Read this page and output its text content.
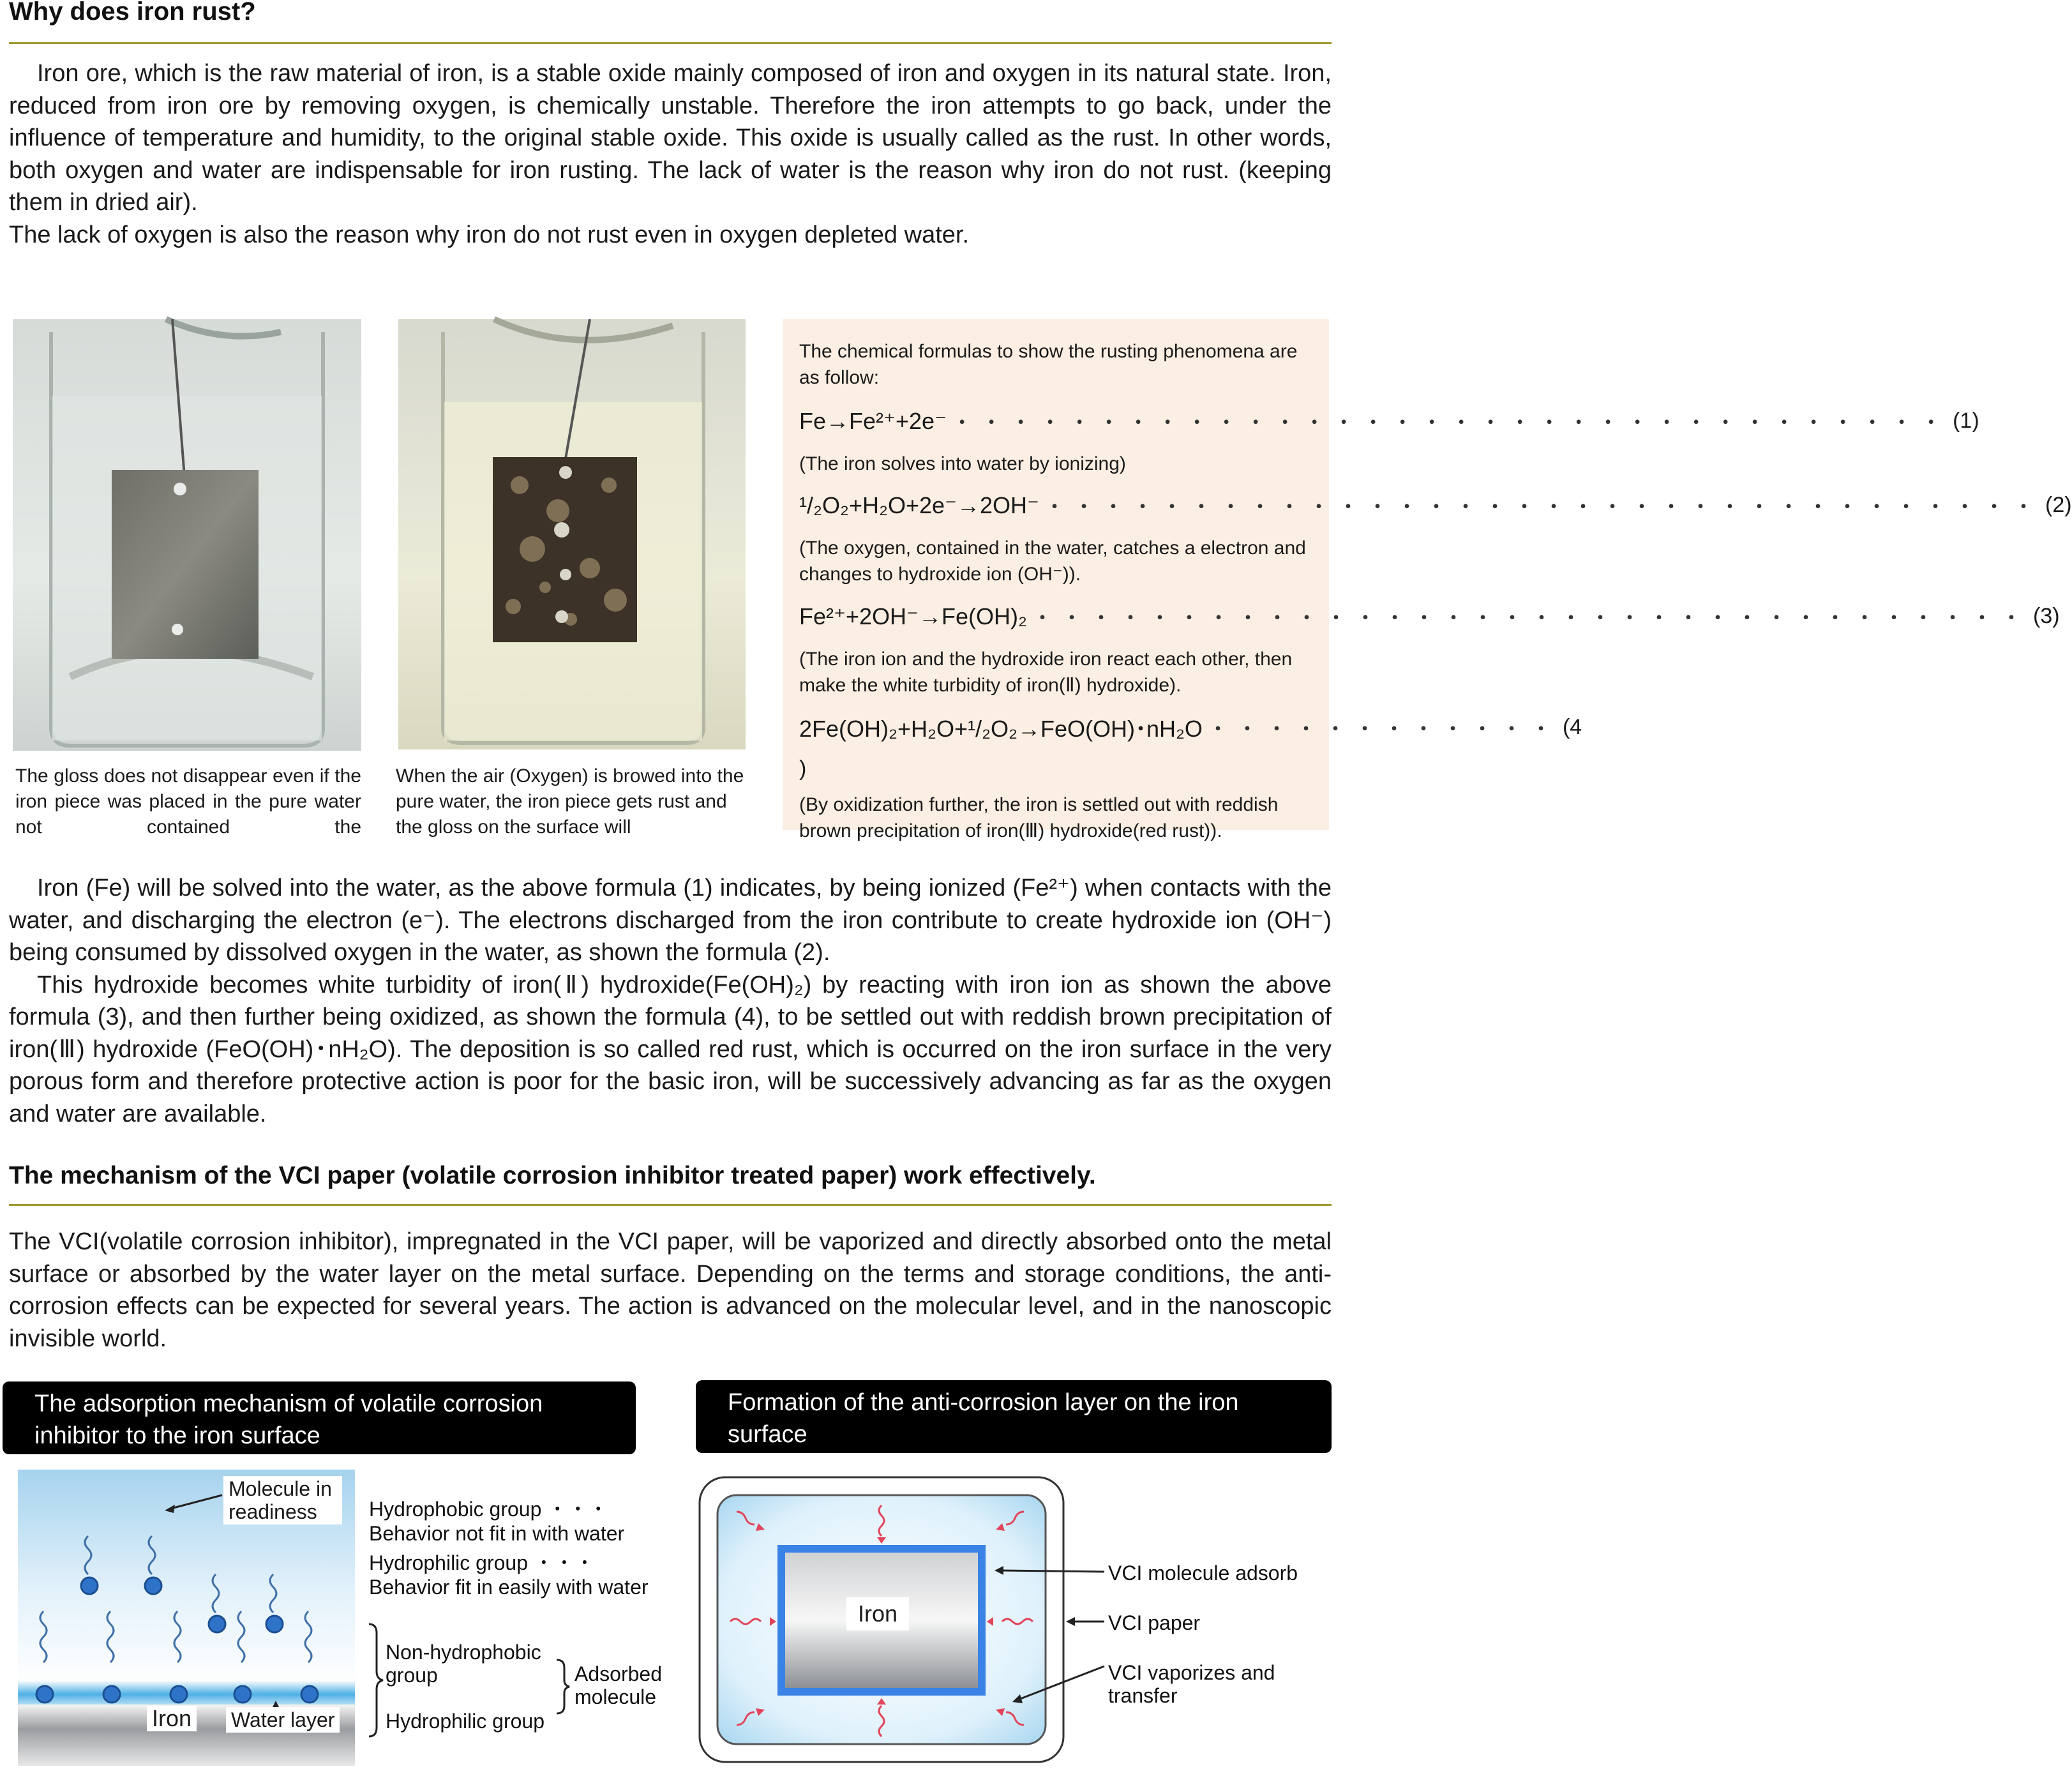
Why does iron rust?

Iron ore, which is the raw material of iron, is a stable oxide mainly composed of iron and oxygen in its natural state. Iron, reduced from iron ore by removing oxygen, is chemically unstable. Therefore the iron attempts to go back, under the influence of temperature and humidity, to the original stable oxide. This oxide is usually called as the rust. In other words, both oxygen and water are indispensable for iron rusting. The lack of water is the reason why iron do not rust. (keeping them in dried air).

The lack of oxygen is also the reason why iron do not rust even in oxygen depleted water.

The gloss does not disappear even if the iron piece was placed in the pure water not contained the

When the air (Oxygen) is browed into the pure water, the iron piece gets rust and the gloss on the surface will

The chemical formulas to show the rusting phenomena are as follow:

Fe→Fe²⁺+2e⁻ ・・・・・・・・・・・・・・・・・・・・・・・・・・・・・・・・・・ (1)

(The iron solves into water by ionizing)

¹/₂O₂+H₂O+2e⁻→2OH⁻ ・・・・・・・・・・・・・・・・・・・・・・・・・・・・・・・・・・ (2)

(The oxygen, contained in the water, catches a electron and changes to hydroxide ion (OH⁻)).

Fe²⁺+2OH⁻→Fe(OH)₂ ・・・・・・・・・・・・・・・・・・・・・・・・・・・・・・・・・・ (3)

(The iron ion and the hydroxide iron react each other, then make the white turbidity of iron(Ⅱ) hydroxide).

2Fe(OH)₂+H₂O+¹/₂O₂→FeO(OH)･nH₂O ・・・・・・・・・・・・ (4

)

(By oxidization further, the iron is settled out with reddish brown precipitation of iron(Ⅲ) hydroxide(red rust)).

Iron (Fe) will be solved into the water, as the above formula (1) indicates, by being ionized (Fe²⁺) when contacts with the water, and discharging the electron (e⁻). The electrons discharged from the iron contribute to create hydroxide ion (OH⁻) being consumed by dissolved oxygen in the water, as shown the formula (2).

This hydroxide becomes white turbidity of iron(Ⅱ) hydroxide(Fe(OH)₂) by reacting with iron ion as shown the above formula (3), and then further being oxidized, as shown the formula (4), to be settled out with reddish brown precipitation of iron(Ⅲ) hydroxide (FeO(OH)･nH₂O). The deposition is so called red rust, which is occurred on the iron surface in the very porous form and therefore protective action is poor for the basic iron, will be successively advancing as far as the oxygen and water are available.

The mechanism of the VCI paper (volatile corrosion inhibitor treated paper) work effectively.

The VCI(volatile corrosion inhibitor), impregnated in the VCI paper, will be vaporized and directly absorbed onto the metal surface or absorbed by the water layer on the metal surface. Depending on the terms and storage conditions, the anti-corrosion effects can be expected for several years. The action is advanced on the molecular level, and in the nanoscopic invisible world.

The adsorption mechanism of volatile corrosion inhibitor to the iron surface
Formation of the anti-corrosion layer on the iron surface
Molecule in readiness
Iron Water layer

Hydrophobic group ・・・

Behavior not fit in with water

Hydrophilic group ・・・

Behavior fit in easily with water

Non-hydrophobic group

Hydrophilic group

Adsorbed molecule

Iron

VCI molecule adsorb

VCI paper

VCI vaporizes and transfer
